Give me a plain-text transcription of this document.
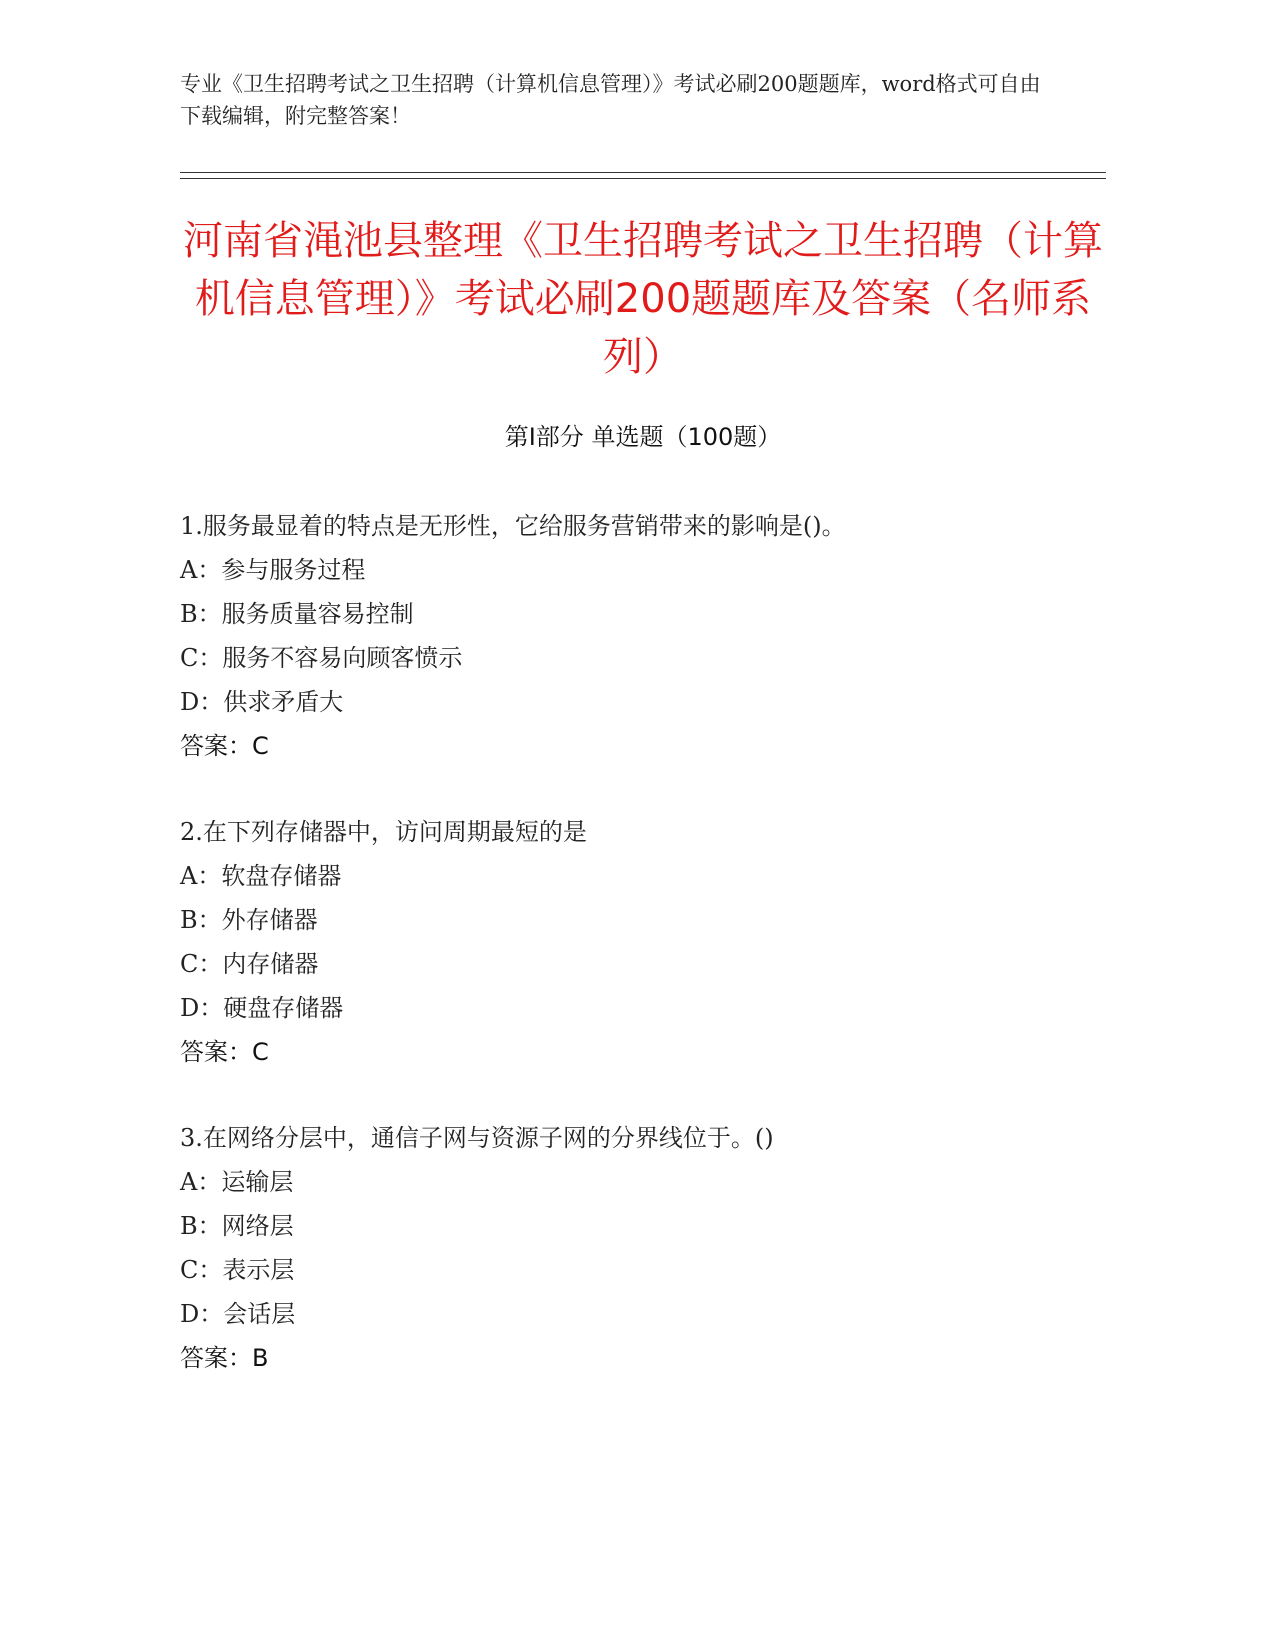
专业《卫生招聘考试之卫生招聘（计算机信息管理）》考试必刷200题题库，word格式可自由下载编辑，附完整答案！

河南省渑池县整理《卫生招聘考试之卫生招聘（计算机信息管理）》考试必刷200题题库及答案（名师系列）
第Ⅰ部分 单选题（100题）
1.服务最显着的特点是无形性，它给服务营销带来的影响是()。
A：参与服务过程
B：服务质量容易控制
C：服务不容易向顾客愤示
D：供求矛盾大
答案：C
2.在下列存储器中，访问周期最短的是
A：软盘存储器
B：外存储器
C：内存储器
D：硬盘存储器
答案：C
3.在网络分层中，通信子网与资源子网的分界线位于。()
A：运输层
B：网络层
C：表示层
D：会话层
答案：B
